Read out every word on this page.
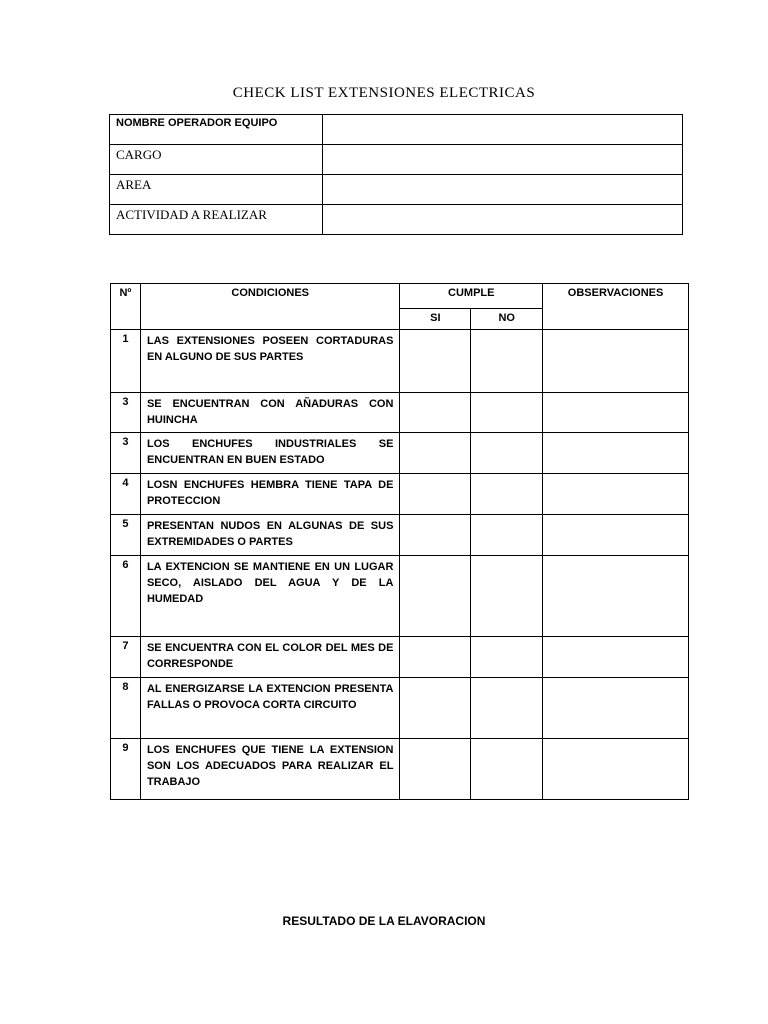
CHECK LIST EXTENSIONES ELECTRICAS
NOMBRE OPERADOR EQUIPO	
CARGO	
AREA	
ACTIVIDAD A REALIZAR	
Nº	CONDICIONES	CUMPLE		OBSERVACIONES
		SI	NO	
1	LAS EXTENSIONES POSEEN CORTADURAS EN ALGUNO DE SUS PARTES			
3	SE ENCUENTRAN CON AÑADURAS CON HUINCHA			
3	LOS ENCHUFES INDUSTRIALES SE ENCUENTRAN EN BUEN ESTADO			
4	LOSN ENCHUFES HEMBRA TIENE TAPA DE PROTECCION			
5	PRESENTAN NUDOS EN ALGUNAS DE SUS EXTREMIDADES O PARTES			
6	LA EXTENCION SE MANTIENE EN UN LUGAR SECO, AISLADO DEL AGUA Y DE LA HUMEDAD			
7	SE ENCUENTRA CON EL COLOR DEL MES DE CORRESPONDE			
8	AL ENERGIZARSE LA EXTENCION PRESENTA FALLAS O PROVOCA CORTA CIRCUITO			
9	LOS ENCHUFES QUE TIENE LA EXTENSION SON LOS ADECUADOS PARA REALIZAR EL TRABAJO			
RESULTADO DE LA ELAVORACION
